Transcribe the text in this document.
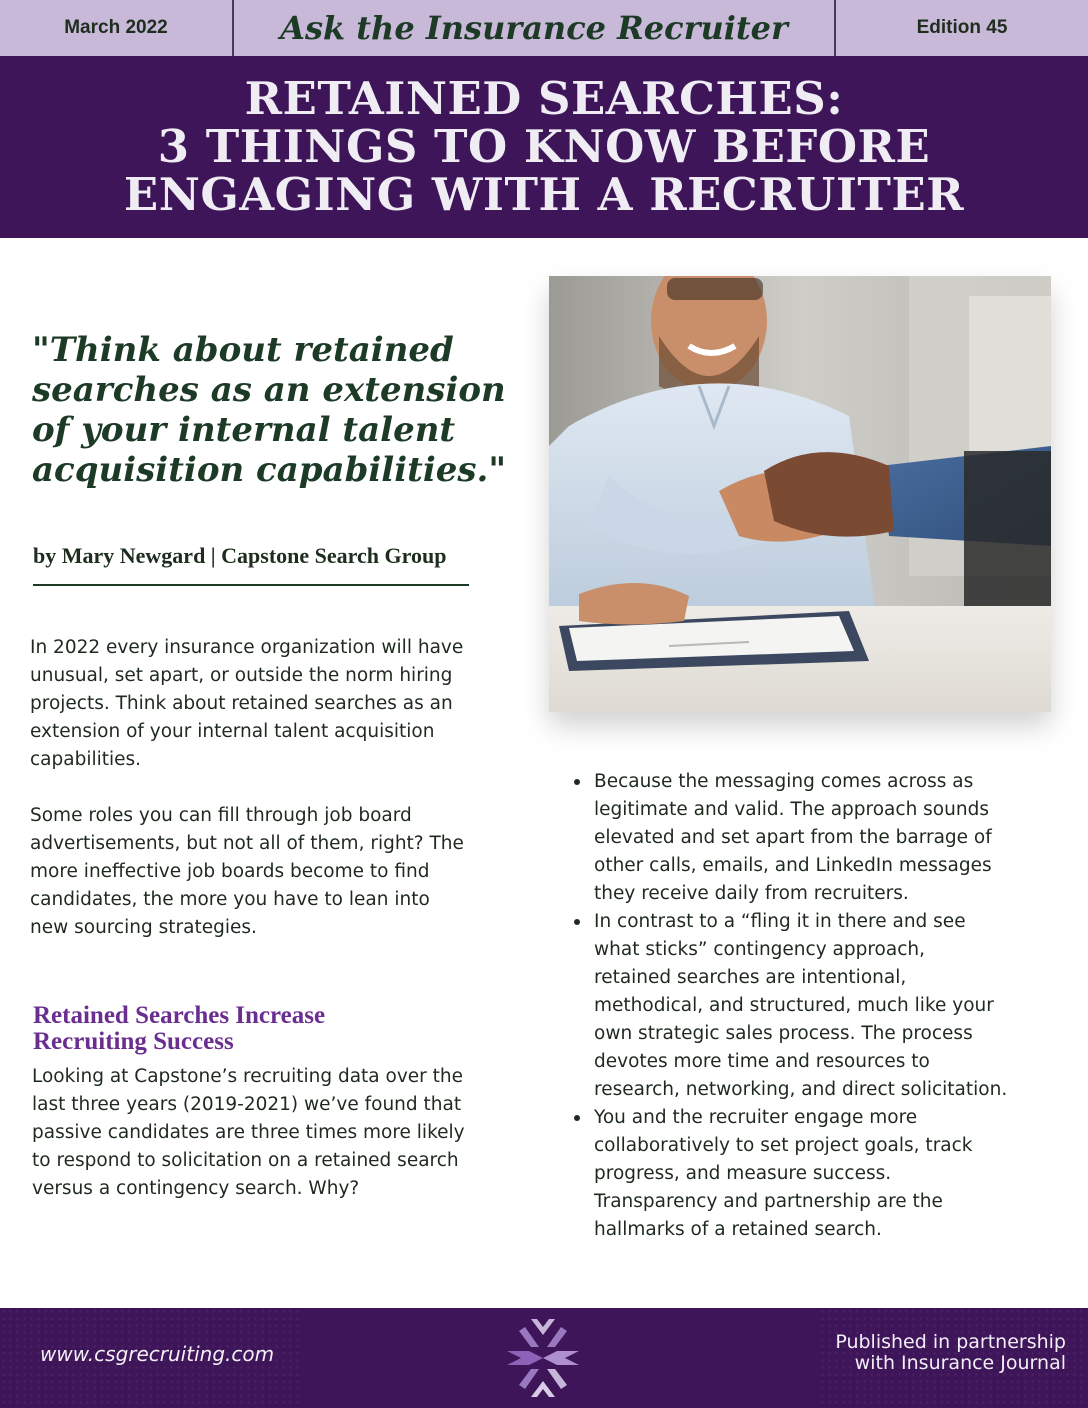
March 2022	Ask the Insurance Recruiter	Edition 45
RETAINED SEARCHES:
3 THINGS TO KNOW BEFORE
ENGAGING WITH A RECRUITER
"Think about retained
searches as an extension
of your internal talent
acquisition capabilities."
by Mary Newgard | Capstone Search Group
In 2022 every insurance organization will have
unusual, set apart, or outside the norm hiring
projects. Think about retained searches as an
extension of your internal talent acquisition
capabilities.
Some roles you can fill through job board
advertisements, but not all of them, right? The
more ineffective job boards become to find
candidates, the more you have to lean into
new sourcing strategies.
Retained Searches Increase
Recruiting Success
Looking at Capstone’s recruiting data over the
last three years (2019-2021) we’ve found that
passive candidates are three times more likely
to respond to solicitation on a retained search
versus a contingency search. Why?
Because the messaging comes across as
legitimate and valid. The approach sounds
elevated and set apart from the barrage of
other calls, emails, and LinkedIn messages
they receive daily from recruiters.
In contrast to a “fling it in there and see
what sticks” contingency approach,
retained searches are intentional,
methodical, and structured, much like your
own strategic sales process. The process
devotes more time and resources to
research, networking, and direct solicitation.
You and the recruiter engage more
collaboratively to set project goals, track
progress, and measure success.
Transparency and partnership are the
hallmarks of a retained search.
www.csgrecruiting.com	Published in partnership
with Insurance Journal
